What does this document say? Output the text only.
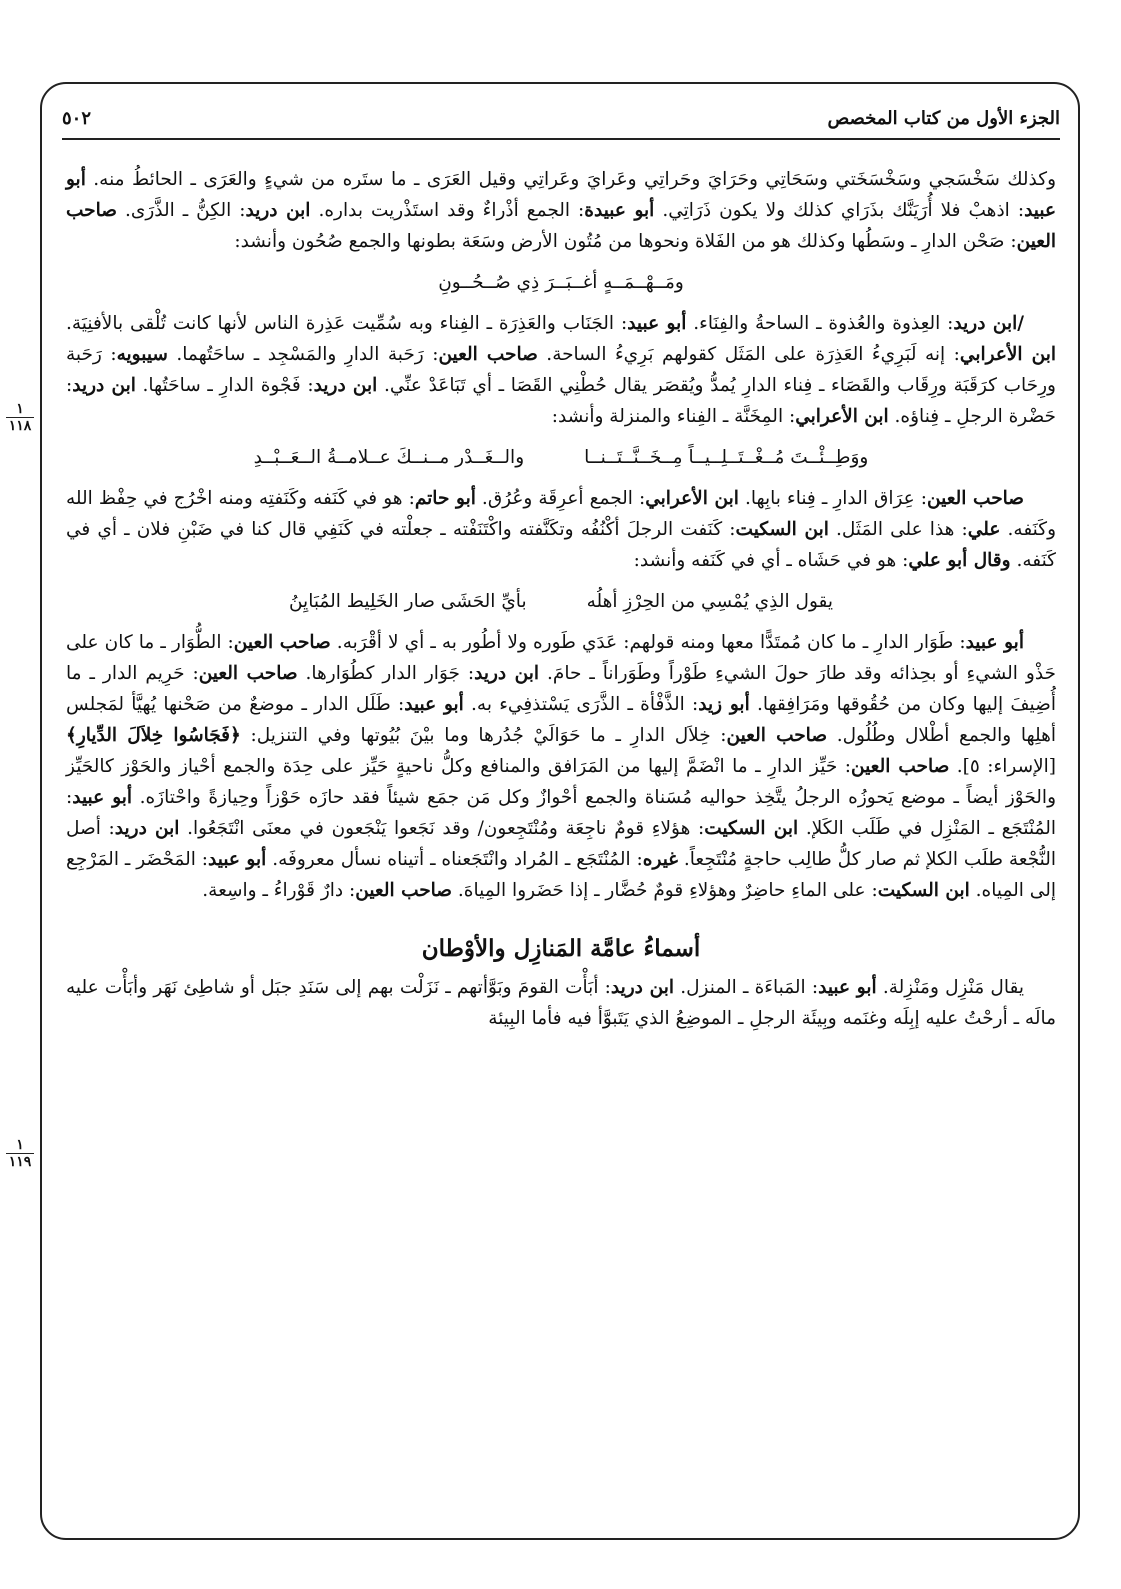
الجزء الأول من كتاب المخصص
٥٠٢
١
١١٨
١
١١٩

وكذلك سَخْسَجي وسَخْسَخَتي وسَحَاتِي وحَرَايَ وحَراتِي وعَرايَ وعَراتِي وقيل العَرَى ـ ما ستَره من شيءٍ والعَرَى ـ الحائطُ منه. أبو عبيد: اذهبْ فلا أُرَيَنَّك بذَرَاي كذلك ولا يكون ذَرَاتِي. أبو عبيدة: الجمع أذْراءٌ وقد استَذْريت بداره. ابن دريد: الكِنُّ ـ الذَّرَى. صاحب العين: صَحْن الدارِ ـ وسَطُها وكذلك هو من الفَلاة ونحوها من مُتُون الأرض وسَعَة بطونها والجمع صُحُون وأنشد:

ومَــهْــمَــهٍ أغــبَــرَ ذِي صُــحُــونِ

/ابن دريد: العِذوة والعُذوة ـ الساحةُ والفِنَاء. أبو عبيد: الجَنَاب والعَذِرَة ـ الفِناء وبه سُمِّيت عَذِرة الناس لأنها كانت تُلْقى بالأفنِيَة. ابن الأعرابي: إنه لَبَرِيءُ العَذِرَة على المَثَل كقولهم بَرِيءُ الساحة. صاحب العين: رَحَبة الدارِ والمَسْجِد ـ ساحَتُهما. سيبويه: رَحَبة ورِحَاب كرَقَبَة ورِقَاب والقَصَاء ـ فِناء الدارِ يُمدُّ ويُقصَر يقال حُطْنِي القَصَا ـ أي تَبَاعَدْ عنِّي. ابن دريد: فَجْوة الدارِ ـ ساحَتُها. ابن دريد: حَضْرة الرجلِ ـ فِناؤه. ابن الأعرابي: المِخَنَّة ـ الفِناء والمنزلة وأنشد:

ووَطِــئْــتَ مُــغْــتَــلِــيــاً مِــخَــنَّــتَــنــا
والــغَــدْر مــنــكَ عــلامــةُ الــعَــبْــدِ

صاحب العين: عِرَاق الدارِ ـ فِناء بابِها. ابن الأعرابي: الجمع أعرِقَة وعُرُق. أبو حاتم: هو في كَنَفه وكَنَفتِه ومنه اخْرُج في حِفْظ الله وكَنَفه. علي: هذا على المَثَل. ابن السكيت: كَنَفت الرجلَ أكْنُفُه وتكَنَّفته واكْتَنَفْته ـ جعلْته في كَنَفِي قال كنا في ضَبْنِ فلان ـ أي في كَنَفه. وقال أبو علي: هو في حَشَاه ـ أي في كَنَفه وأنشد:

يقول الذِي يُمْسِي من الحِرْزِ أهلُه
بأيِّ الحَشَى صار الخَلِيط المُبَايِنُ

أبو عبيد: طَوَار الدارِ ـ ما كان مُمتَدًّا معها ومنه قولهم: عَدَي طَوره ولا أطُور به ـ أي لا أقْرَبه. صاحب العين: الطُّوَار ـ ما كان على حَذْو الشيءِ أو بحِذائه وقد طارَ حولَ الشيءِ طَوْراً وطَوَراناً ـ حامَ. ابن دريد: جَوَار الدار كطُوَارها. صاحب العين: حَرِيم الدار ـ ما أُضِيفَ إليها وكان من حُقُوقها ومَرَافِقها. أبو زيد: الذَّفْأة ـ الذَّرَى يَسْتذفِيء به. أبو عبيد: طَلَل الدار ـ موضعٌ من صَحْنها يُهيَّأ لمَجلس أهلِها والجمع أطْلال وطُلُول. صاحب العين: خِلاَل الدارِ ـ ما حَوَالَيْ جُدُرها وما بيْنَ بُيُوتها وفي التنزيل: ﴿فَجَاسُوا خِلاَلَ الدِّيارِ﴾ [الإسراء: ٥]. صاحب العين: حَيِّز الدارِ ـ ما انْضَمَّ إليها من المَرَافق والمنافع وكلُّ ناحيةٍ حَيِّز على حِدَة والجمع أحْياز والحَوْز كالحَيِّز والحَوْز أيضاً ـ موضع يَحوزُه الرجلُ يتَّخِذ حواليه مُسَناة والجمع أحْوازٌ وكل مَن جمَع شيئاً فقد حازَه حَوْزاً وحِيازةً واحْتازَه. أبو عبيد: المُنْتَجَع ـ المَنْزِل في طَلَب الكَلإ. ابن السكيت: هؤلاءِ قومٌ ناجِعَة ومُنْتَجِعون/ وقد نَجَعوا يَنْجَعون في معنَى انْتَجَعُوا. ابن دريد: أصل النُّجْعة طلَب الكلإ ثم صار كلُّ طالِب حاجةٍ مُنْتَجِعاً. غيره: المُنْتَجَع ـ المُراد وانْتَجَعناه ـ أتيناه نسأل معروفَه. أبو عبيد: المَحْضَر ـ المَرْجِع إلى المِياه. ابن السكيت: على الماءِ حاضِرٌ وهؤلاءِ قومٌ حُضَّار ـ إذا حَضَروا المِياهَ. صاحب العين: دارٌ قَوْراءُ ـ واسِعة.

أسماءُ عامَّة المَنازِل والأوْطان

يقال مَنْزِل ومَنْزِلة. أبو عبيد: المَباءَة ـ المنزل. ابن دريد: أبَأْت القومَ وبَوَّأتهم ـ نَزَلْت بهم إلى سَنَدِ جبَل أو شاطِئ نَهَر وأبَأْت عليه مالَه ـ أرحْتُ عليه إبِلَه وغنَمه وبِيئَة الرجلِ ـ الموضِعُ الذي يَتَبوَّأ فيه فأما البِيئة
